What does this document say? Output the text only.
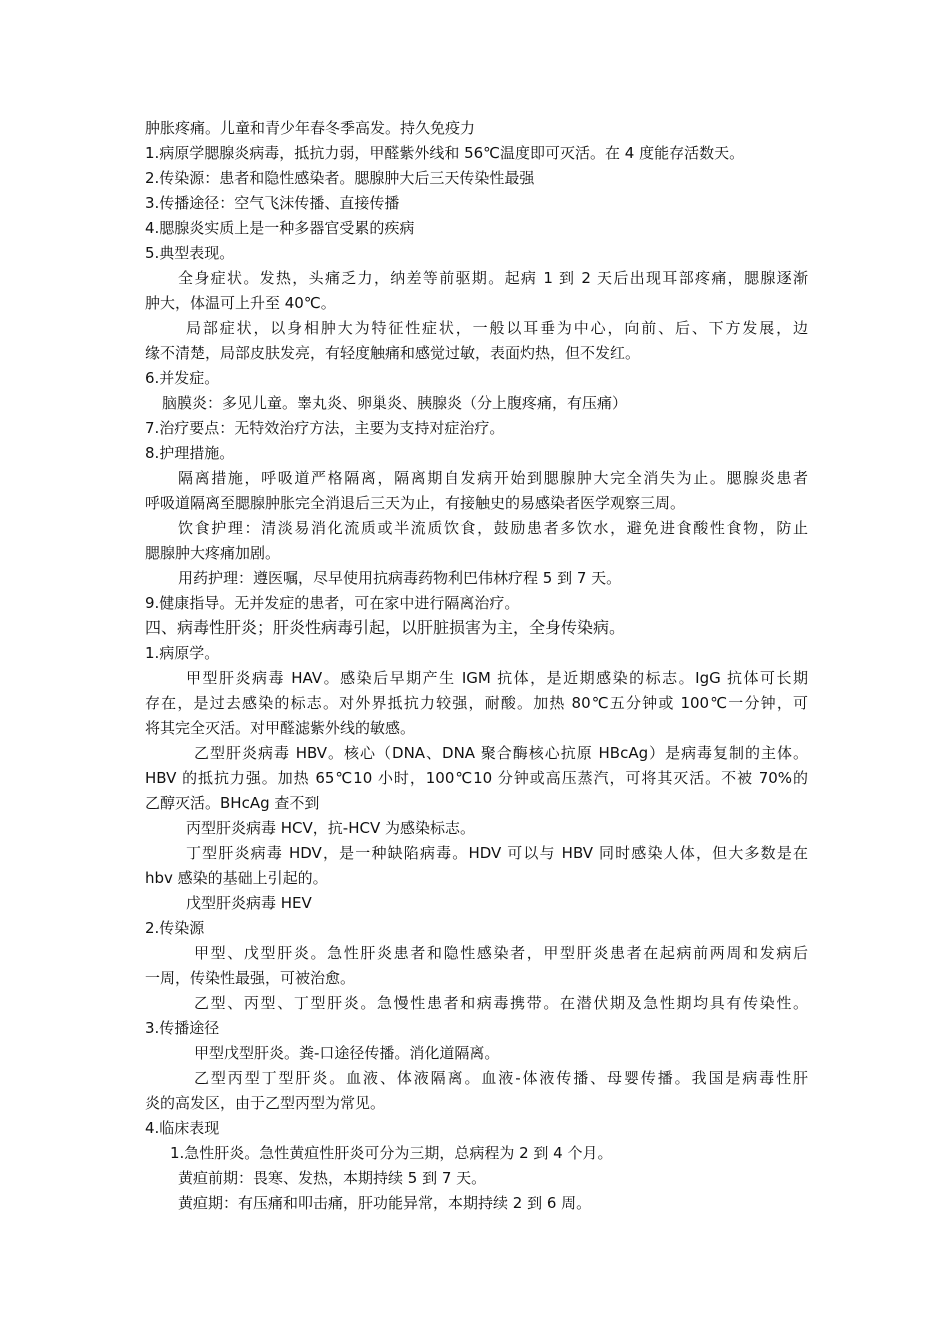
肿胀疼痛。儿童和青少年春冬季高发。持久免疫力
1.病原学腮腺炎病毒，抵抗力弱，甲醛紫外线和 56℃温度即可灭活。在 4 度能存活数天。
2.传染源：患者和隐性感染者。腮腺肿大后三天传染性最强
3.传播途径：空气飞沫传播、直接传播
4.腮腺炎实质上是一种多器官受累的疾病
5.典型表现。
全身症状。发热，头痛乏力，纳差等前驱期。起病 1 到 2 天后出现耳部疼痛，腮腺逐渐
肿大，体温可上升至 40℃。
局部症状，以身相肿大为特征性症状，一般以耳垂为中心，向前、后、下方发展，边
缘不清楚，局部皮肤发亮，有轻度触痛和感觉过敏，表面灼热，但不发红。
6.并发症。
脑膜炎：多见儿童。睾丸炎、卵巢炎、胰腺炎（分上腹疼痛，有压痛）
7.治疗要点：无特效治疗方法，主要为支持对症治疗。
8.护理措施。
隔离措施，呼吸道严格隔离，隔离期自发病开始到腮腺肿大完全消失为止。腮腺炎患者
呼吸道隔离至腮腺肿胀完全消退后三天为止，有接触史的易感染者医学观察三周。
饮食护理：清淡易消化流质或半流质饮食，鼓励患者多饮水，避免进食酸性食物，防止
腮腺肿大疼痛加剧。
用药护理：遵医嘱，尽早使用抗病毒药物利巴伟林疗程 5 到 7 天。
9.健康指导。无并发症的患者，可在家中进行隔离治疗。
四、病毒性肝炎；肝炎性病毒引起，以肝脏损害为主，全身传染病。
1.病原学。
甲型肝炎病毒 HAV。感染后早期产生 IGM 抗体，是近期感染的标志。IgG 抗体可长期
存在，是过去感染的标志。对外界抵抗力较强，耐酸。加热 80℃五分钟或 100℃一分钟，可
将其完全灭活。对甲醛滤紫外线的敏感。
乙型肝炎病毒 HBV。核心（DNA、DNA 聚合酶核心抗原 HBcAg）是病毒复制的主体。
HBV 的抵抗力强。加热 65℃10 小时，100℃10 分钟或高压蒸汽，可将其灭活。不被 70%的
乙醇灭活。BHcAg 查不到
丙型肝炎病毒 HCV，抗-HCV 为感染标志。
丁型肝炎病毒 HDV，是一种缺陷病毒。HDV 可以与 HBV 同时感染人体，但大多数是在
hbv 感染的基础上引起的。
戊型肝炎病毒 HEV
2.传染源
甲型、戊型肝炎。急性肝炎患者和隐性感染者，甲型肝炎患者在起病前两周和发病后
一周，传染性最强，可被治愈。
乙型、丙型、丁型肝炎。急慢性患者和病毒携带。在潜伏期及急性期均具有传染性。
3.传播途径
甲型戊型肝炎。粪-口途径传播。消化道隔离。
乙型丙型丁型肝炎。血液、体液隔离。血液-体液传播、母婴传播。我国是病毒性肝
炎的高发区，由于乙型丙型为常见。
4.临床表现
1.急性肝炎。急性黄疸性肝炎可分为三期，总病程为 2 到 4 个月。
黄疸前期：畏寒、发热，本期持续 5 到 7 天。
黄疸期：有压痛和叩击痛，肝功能异常，本期持续 2 到 6 周。
